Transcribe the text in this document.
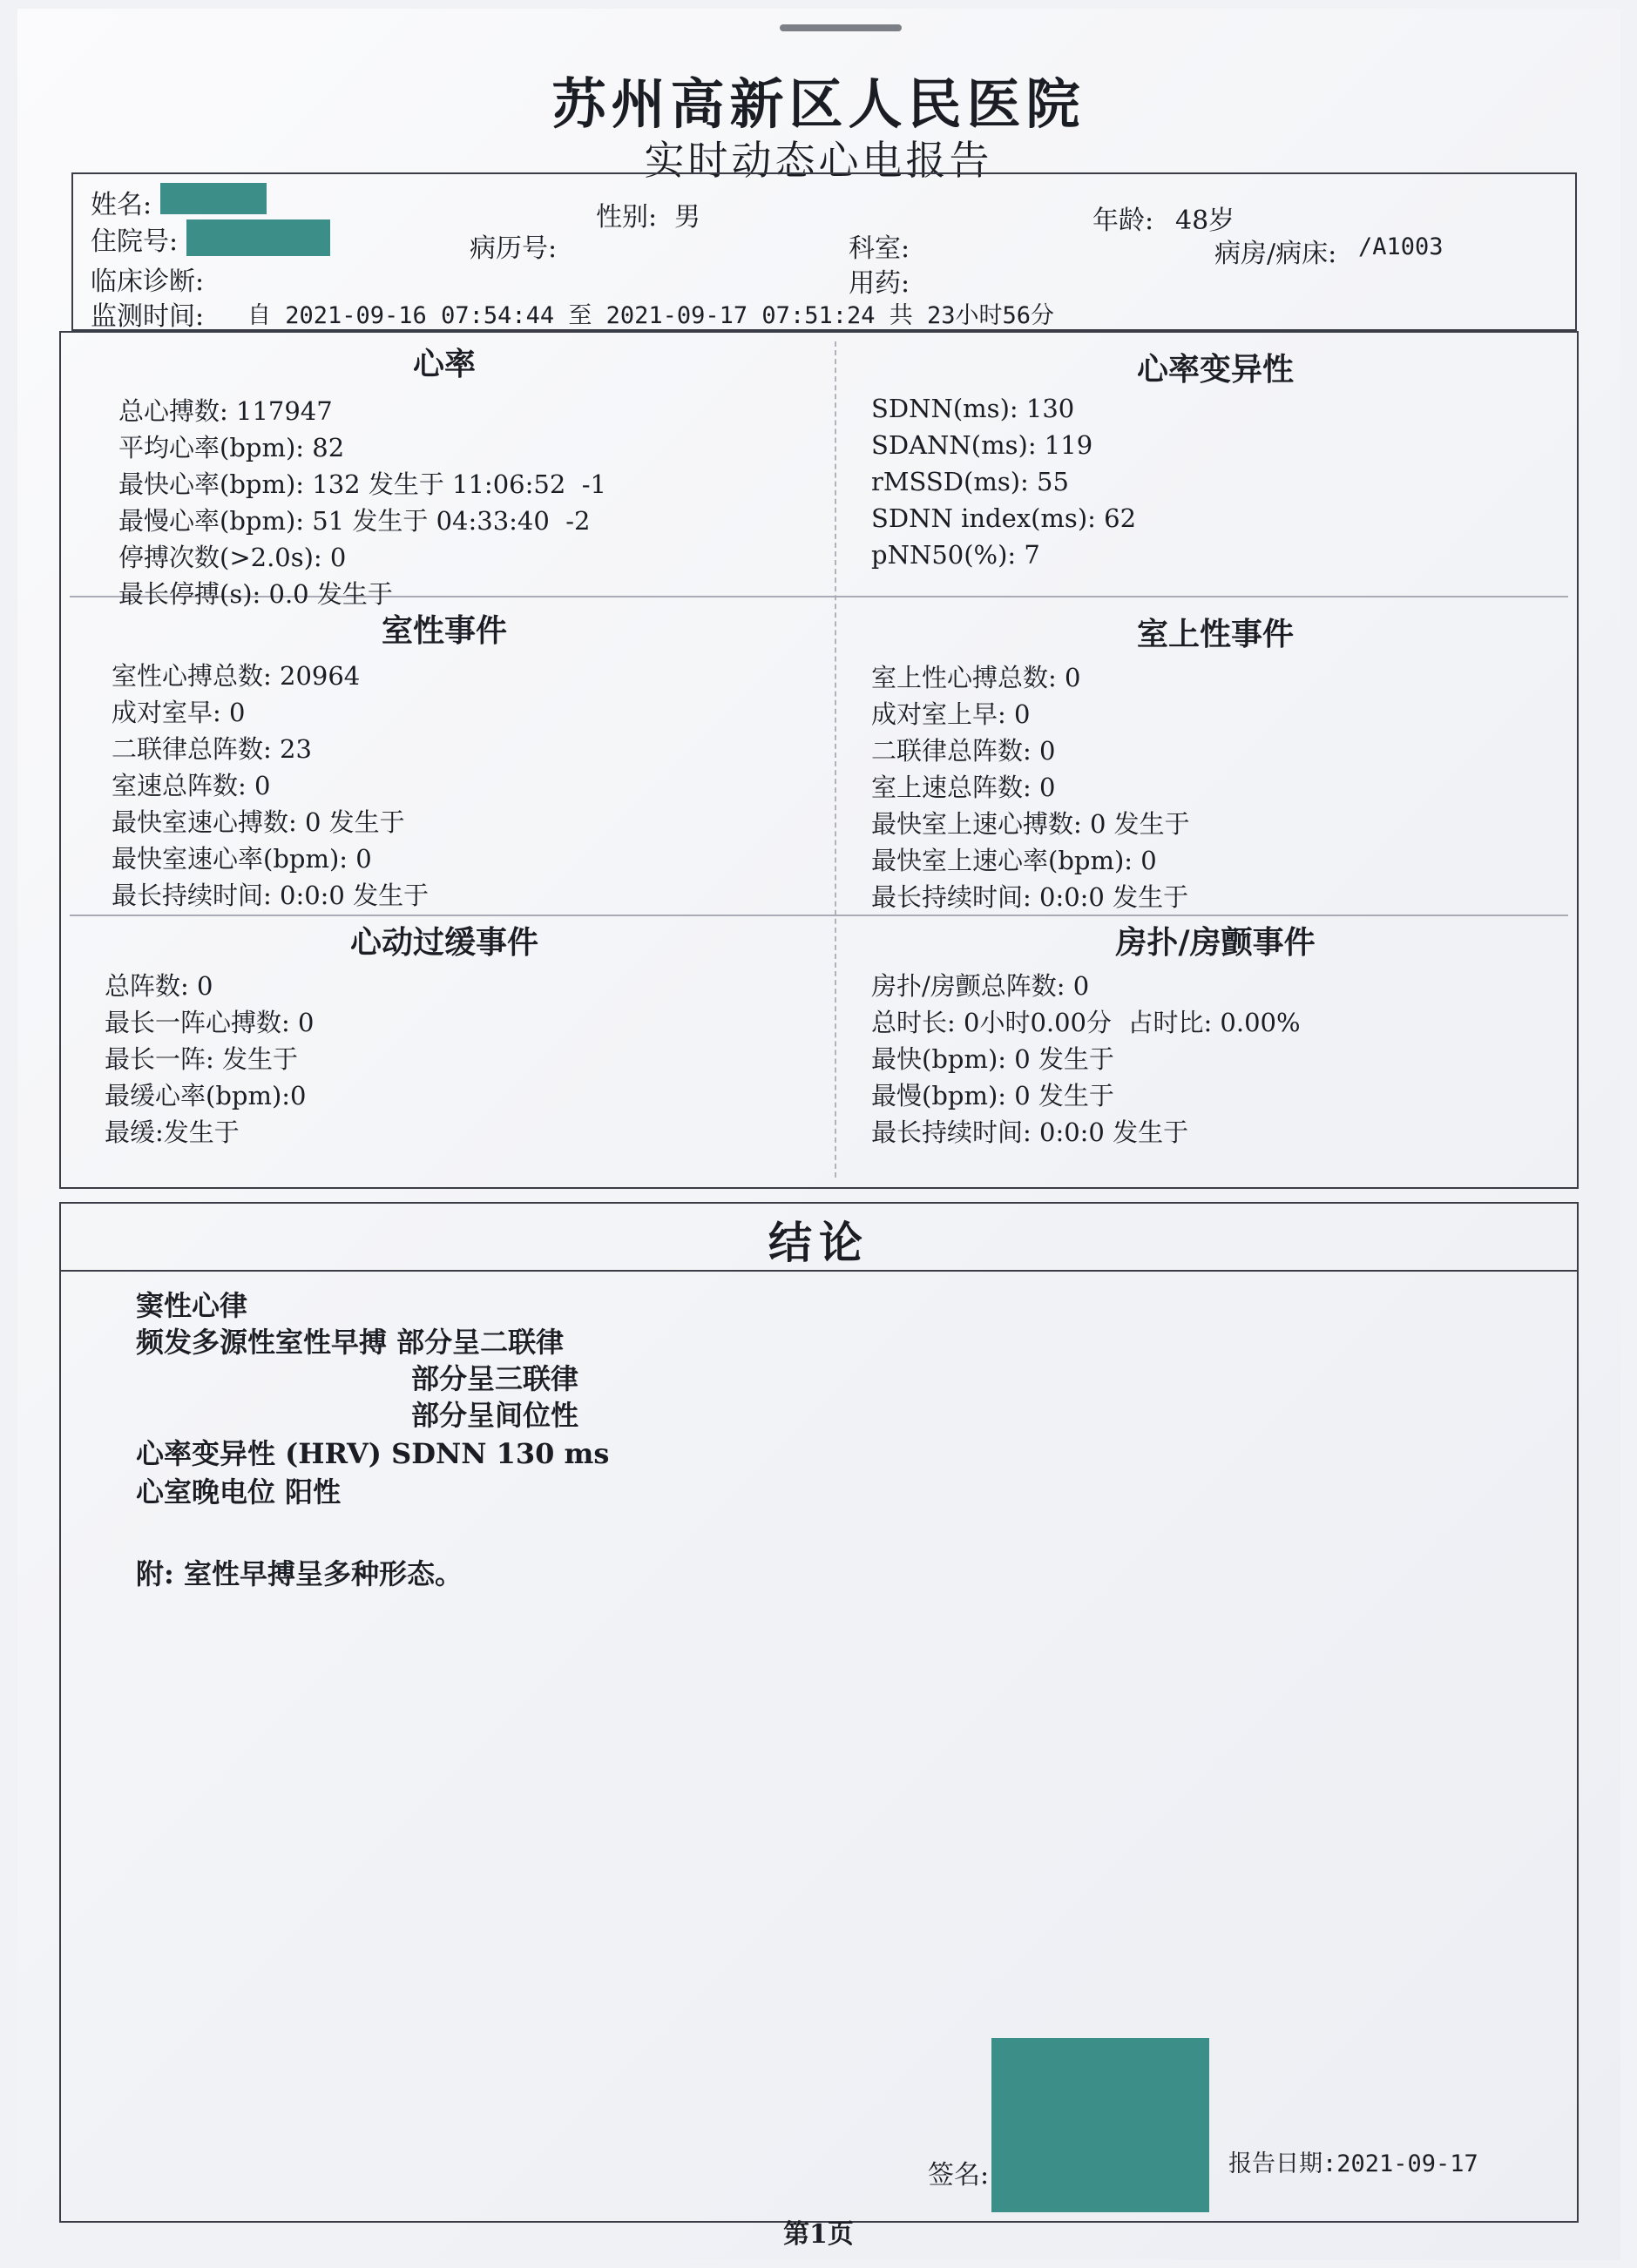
苏州高新区人民医院
实时动态心电报告
姓名:	性别: 男	年龄: 48岁
住院号:	病历号:	科室:	病房/病床: /A1003
临床诊断:	用药:
监测时间: 自 2021-09-16 07:54:44 至 2021-09-17 07:51:24 共 23小时56分
心率
总心搏数: 117947
平均心率(bpm): 82
最快心率(bpm): 132 发生于 11:06:52  -1
最慢心率(bpm): 51 发生于 04:33:40  -2
停搏次数(>2.0s): 0
最长停搏(s): 0.0 发生于
心率变异性
SDNN(ms): 130
SDANN(ms): 119
rMSSD(ms): 55
SDNN index(ms): 62
pNN50(%): 7
室性事件
室性心搏总数: 20964
成对室早: 0
二联律总阵数: 23
室速总阵数: 0
最快室速心搏数: 0 发生于
最快室速心率(bpm): 0
最长持续时间: 0:0:0 发生于
室上性事件
室上性心搏总数: 0
成对室上早: 0
二联律总阵数: 0
室上速总阵数: 0
最快室上速心搏数: 0 发生于
最快室上速心率(bpm): 0
最长持续时间: 0:0:0 发生于
心动过缓事件
总阵数: 0
最长一阵心搏数: 0
最长一阵: 发生于
最缓心率(bpm):0
最缓:发生于
房扑/房颤事件
房扑/房颤总阵数: 0
总时长: 0小时0.00分  占时比: 0.00%
最快(bpm): 0 发生于
最慢(bpm): 0 发生于
最长持续时间: 0:0:0 发生于
结论
窦性心律
频发多源性室性早搏 部分呈二联律
部分呈三联律
部分呈间位性
心率变异性 (HRV) SDNN 130 ms
心室晚电位 阳性
附: 室性早搏呈多种形态。
签名:	报告日期:2021-09-17
第1页
